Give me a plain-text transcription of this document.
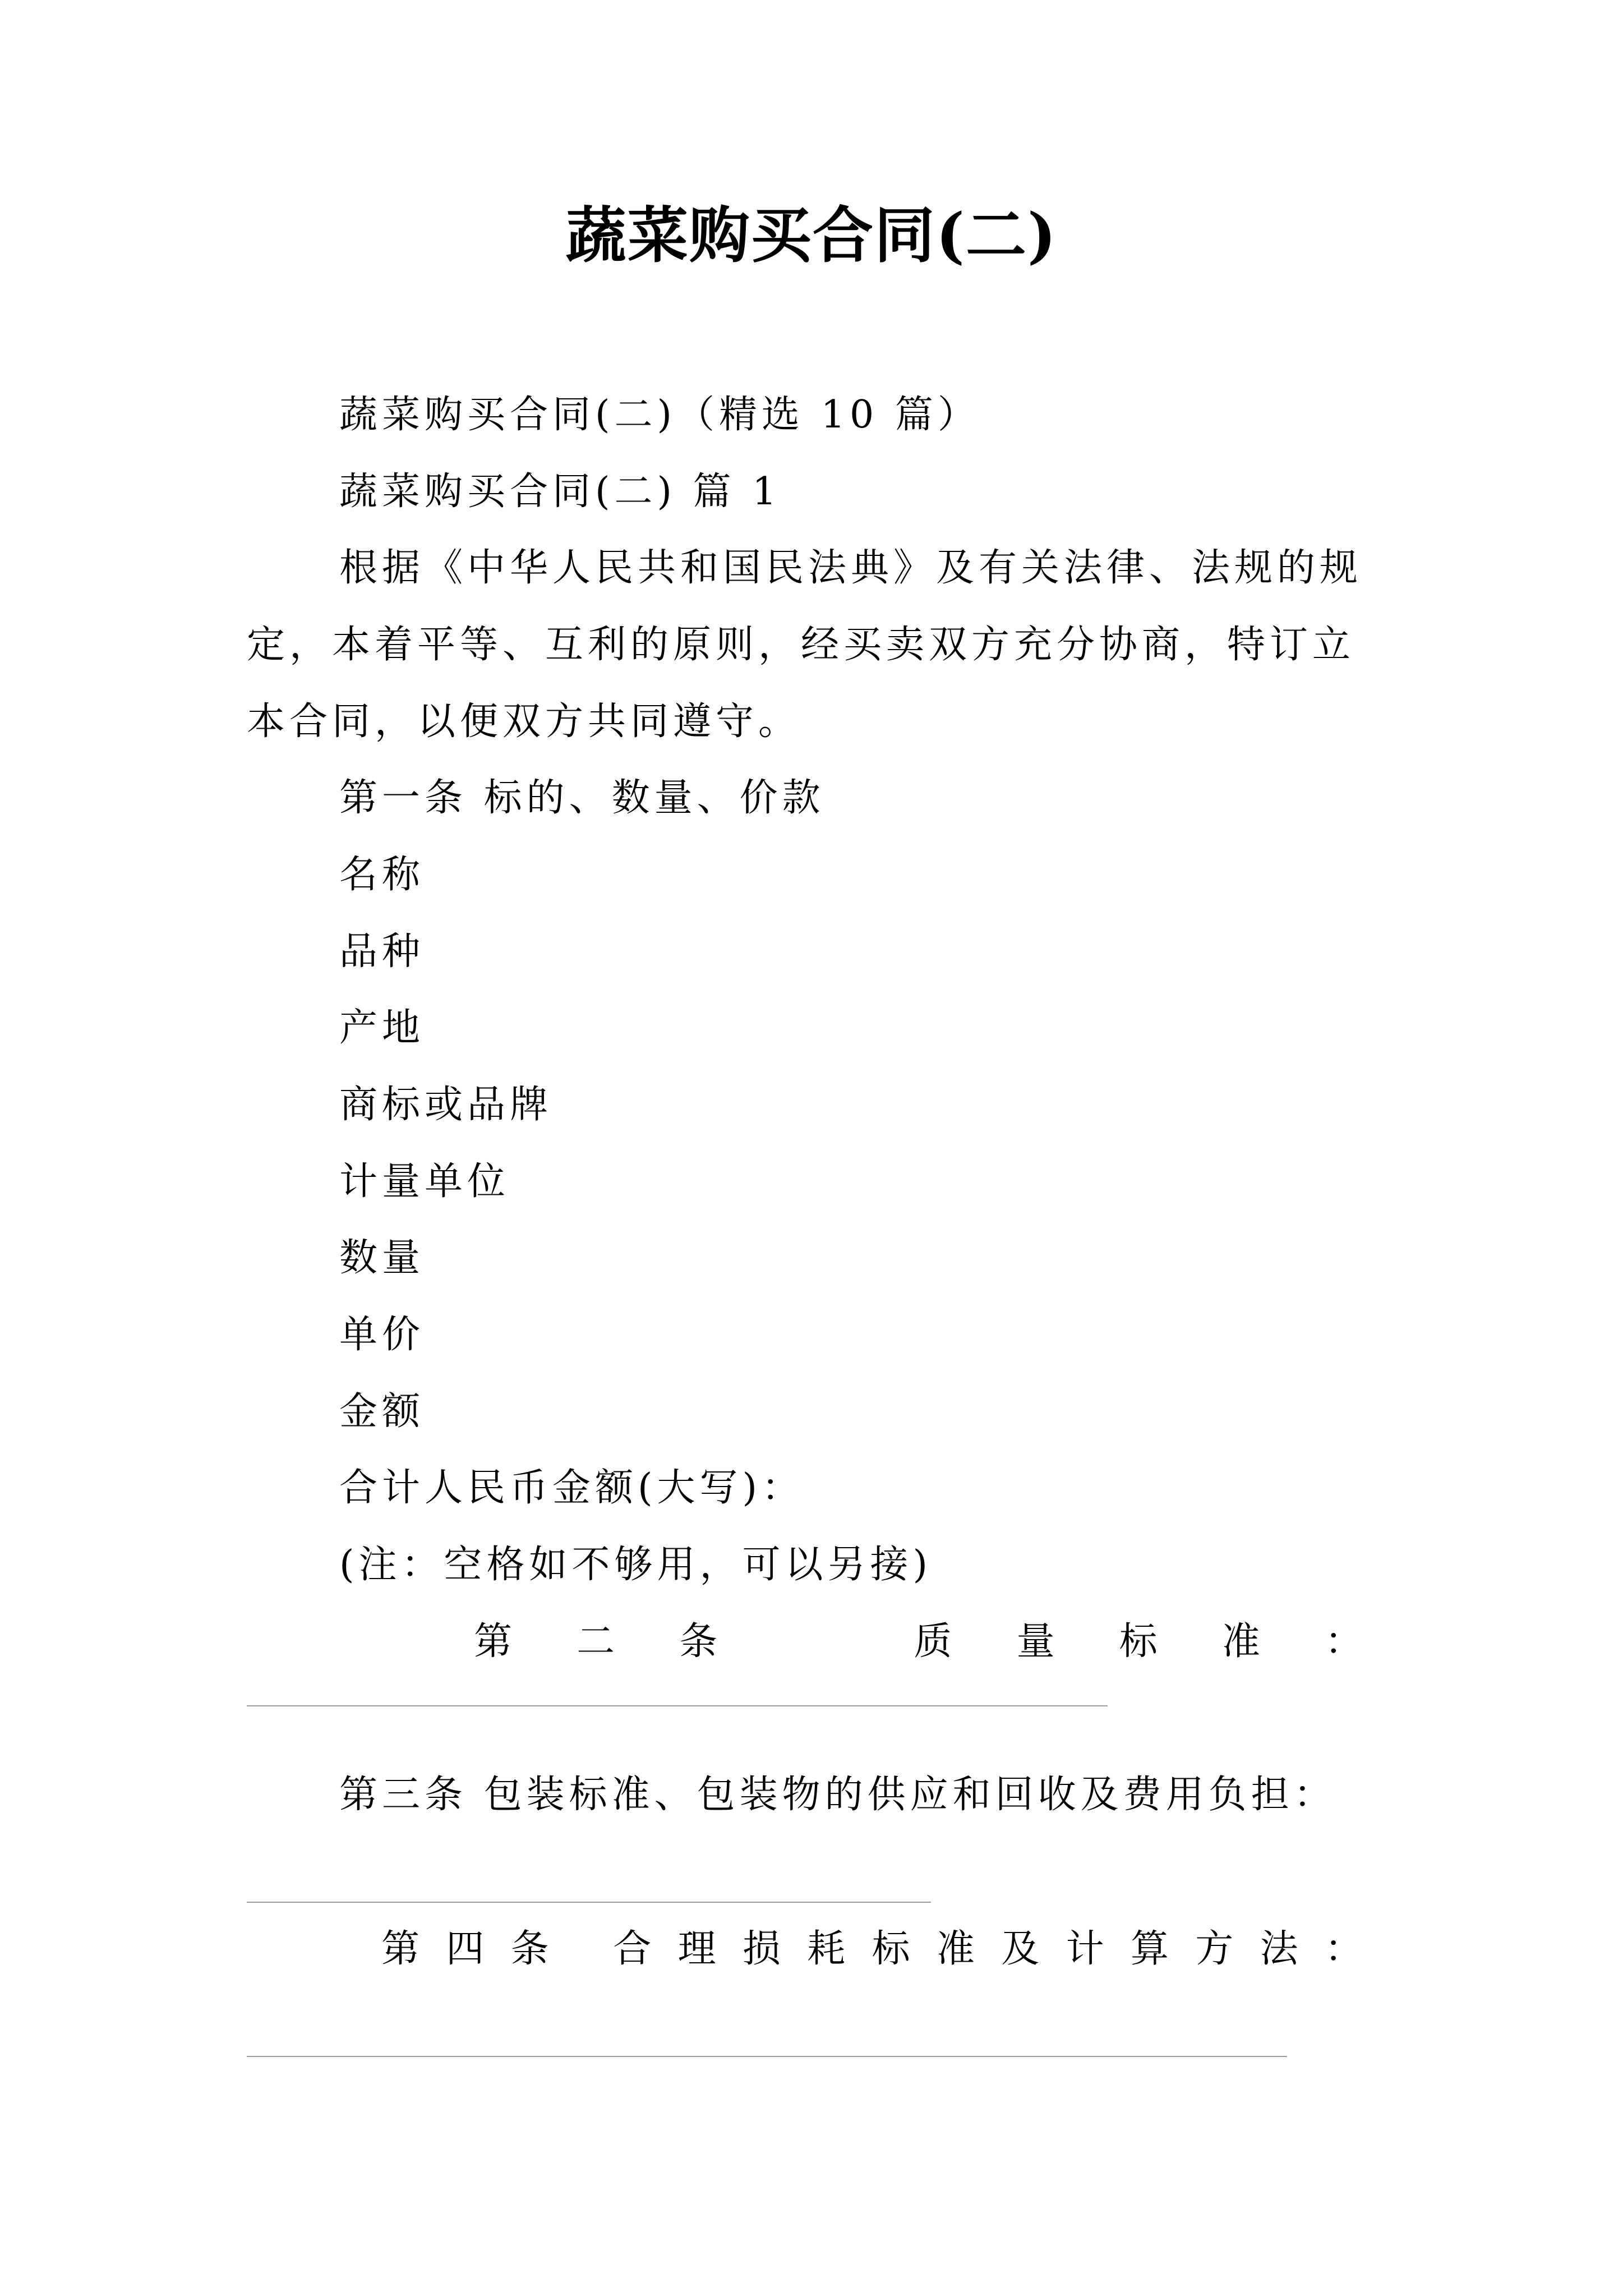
蔬菜购买合同(二)
蔬菜购买合同(二)（精选 10 篇）
蔬菜购买合同(二) 篇 1
根据《中华人民共和国民法典》及有关法律、法规的规
定，本着平等、互利的原则，经买卖双方充分协商，特订立
本合同，以便双方共同遵守。
第一条 标的、数量、价款
名称
品种
产地
商标或品牌
计量单位
数量
单价
金额
合计人民币金额(大写)：
(注：空格如不够用，可以另接)
第 二 条	质 量 标 准 ：
第三条 包装标准、包装物的供应和回收及费用负担：
第 四 条 合 理 损 耗 标 准 及 计 算 方 法 ：
